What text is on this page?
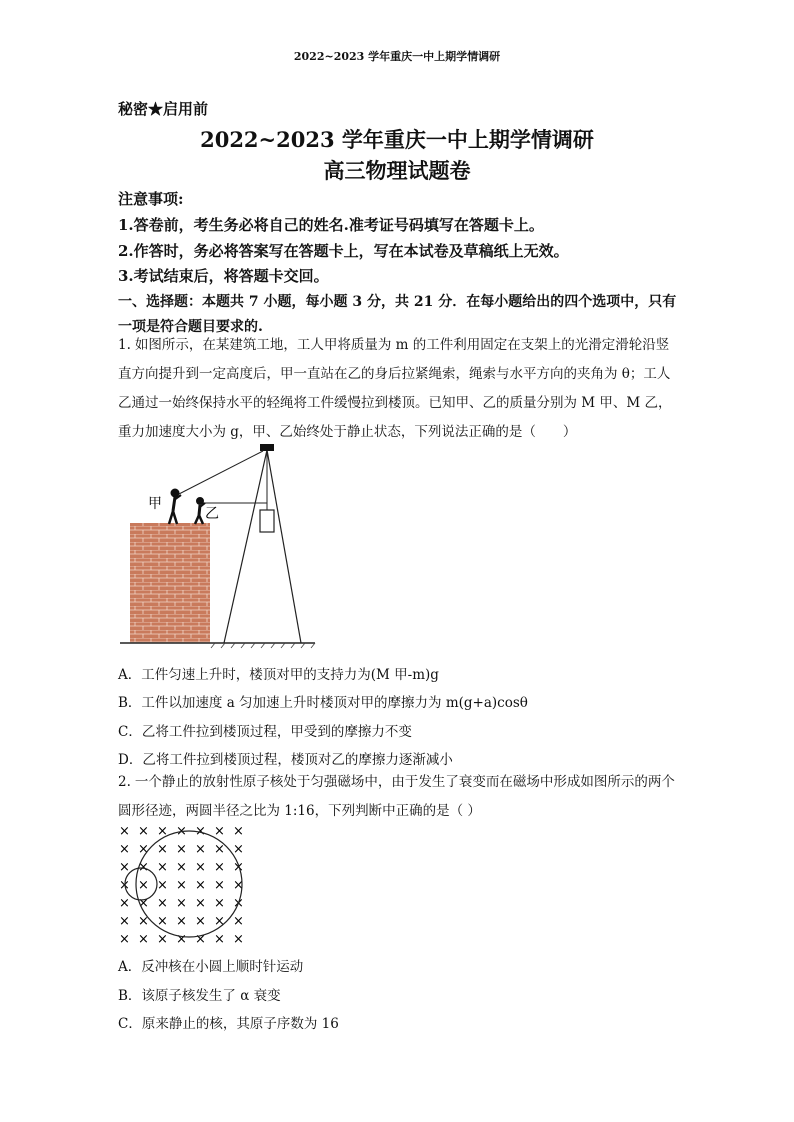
2022~2023 学年重庆一中上期学情调研
秘密★启用前
2022~2023 学年重庆一中上期学情调研
高三物理试题卷
注意事项:
1.答卷前，考生务必将自己的姓名.准考证号码填写在答题卡上。
2.作答时，务必将答案写在答题卡上，写在本试卷及草稿纸上无效。
3.考试结束后，将答题卡交回。
一、选择题：本题共 7 小题，每小题 3 分，共 21 分．在每小题给出的四个选项中，只有一项是符合题目要求的.
1. 如图所示，在某建筑工地，工人甲将质量为 m 的工件利用固定在支架上的光滑定滑轮沿竖直方向提升到一定高度后，甲一直站在乙的身后拉紧绳索，绳索与水平方向的夹角为 θ；工人乙通过一始终保持水平的轻绳将工件缓慢拉到楼顶。已知甲、乙的质量分别为 M 甲、M 乙，重力加速度大小为 g，甲、乙始终处于静止状态，下列说法正确的是（　　）
甲
乙
A．工件匀速上升时，楼顶对甲的支持力为(M 甲-m)g
B．工件以加速度 a 匀加速上升时楼顶对甲的摩擦力为 m(g+a)cosθ
C．乙将工件拉到楼顶过程，甲受到的摩擦力不变
D．乙将工件拉到楼顶过程，楼顶对乙的摩擦力逐渐减小
2. 一个静止的放射性原子核处于匀强磁场中，由于发生了衰变而在磁场中形成如图所示的两个圆形径迹，两圆半径之比为 1:16，下列判断中正确的是（ ）
× × × × × × ×
× × × × × × ×
× × × × × × ×
× × × × × × ×
× × × × × × ×
× × × × × × ×
× × × × × × ×
A．反冲核在小圆上顺时针运动
B．该原子核发生了 α 衰变
C．原来静止的核，其原子序数为 16
